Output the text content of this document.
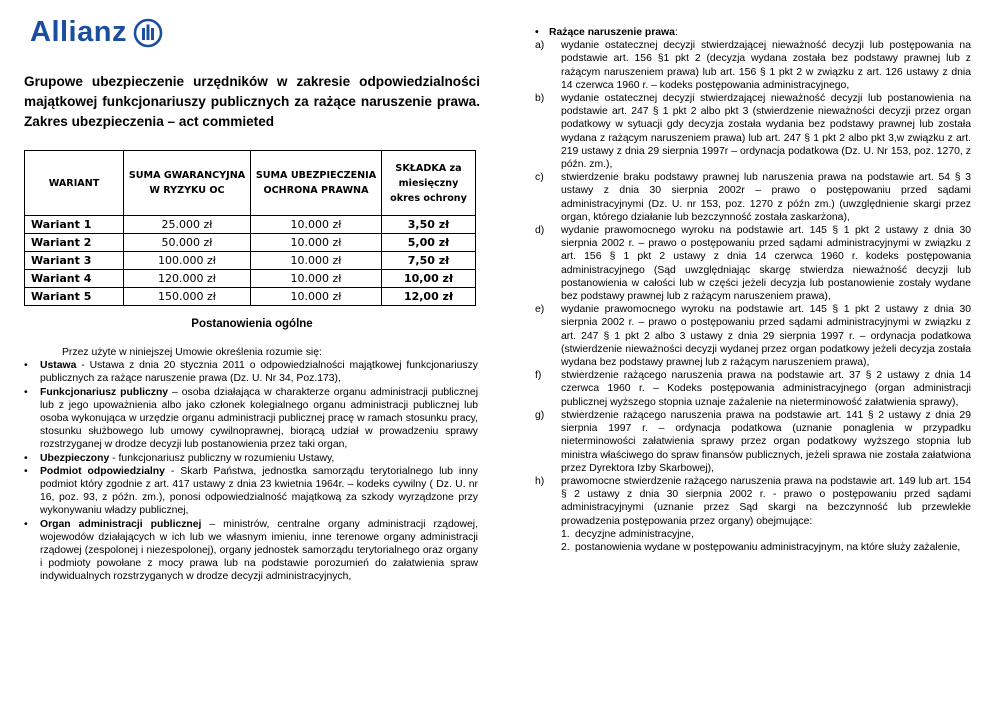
Allianz

Grupowe ubezpieczenie urzędników w zakresie odpowiedzialności majątkowej funkcjonariuszy publicznych za rażące naruszenie prawa. Zakres ubezpieczenia – act commieted

WARIANT	SUMA GWARANCYJNA W RYZYKU OC	SUMA UBEZPIECZENIA OCHRONA PRAWNA	SKŁADKA za miesięczny okres ochrony
Wariant 1	25.000 zł	10.000 zł	3,50 zł
Wariant 2	50.000 zł	10.000 zł	5,00 zł
Wariant 3	100.000 zł	10.000 zł	7,50 zł
Wariant 4	120.000 zł	10.000 zł	10,00 zł
Wariant 5	150.000 zł	10.000 zł	12,00 zł
Postanowienia ogólne

Przez użyte w niniejszej Umowie określenia rozumie się:

• Ustawa - Ustawa z dnia 20 stycznia 2011 o odpowiedzialności majątkowej funkcjonariuszy publicznych za rażące naruszenie prawa (Dz. U. Nr 34, Poz.173),
• Funkcjonariusz publiczny – osoba działająca w charakterze organu administracji publicznej lub z jego upoważnienia albo jako członek kolegialnego organu administracji publicznej lub osoba wykonująca w urzędzie organu administracji publicznej pracę w ramach stosunku pracy, stosunku służbowego lub umowy cywilnoprawnej, biorącą udział w prowadzeniu sprawy rozstrzyganej w drodze decyzji lub postanowienia przez taki organ,
• Ubezpieczony - funkcjonariusz publiczny w rozumieniu Ustawy,
• Podmiot odpowiedzialny - Skarb Państwa, jednostka samorządu terytorialnego lub inny podmiot który zgodnie z art. 417 ustawy z dnia 23 kwietnia 1964r. – kodeks cywilny ( Dz. U. nr 16, poz. 93, z późn. zm.), ponosi odpowiedzialność majątkową za szkody wyrządzone przy wykonywaniu władzy publicznej,
• Organ administracji publicznej – ministrów, centralne organy administracji rządowej, wojewodów działających w ich lub we własnym imieniu, inne terenowe organy administracji rządowej (zespolonej i niezespolonej), organy jednostek samorządu terytorialnego oraz organy i podmioty powołane z mocy prawa lub na podstawie porozumień do załatwienia spraw indywidualnych rozstrzyganych w drodze decyzji administracyjnych,
• Rażące naruszenie prawa:
a) wydanie ostatecznej decyzji stwierdzającej nieważność decyzji lub postępowania na podstawie art. 156 §1 pkt 2 (decyzja wydana została bez podstawy prawnej lub z rażącym naruszeniem prawa) lub art. 156 § 1 pkt 2 w związku z art. 126 ustawy z dnia 14 czerwca 1960 r. – kodeks postępowania administracyjnego,
b) wydanie ostatecznej decyzji stwierdzającej nieważność decyzji lub postanowienia na podstawie art. 247 § 1 pkt 2 albo pkt 3 (stwierdzenie nieważności decyzji przez organ podatkowy w sytuacji gdy decyzja została wydania bez podstawy prawnej lub została wydana z rażącym naruszeniem prawa) lub art. 247 § 1 pkt 2 albo pkt 3,w związku z art. 219 ustawy z dnia 29 sierpnia 1997r – ordynacja podatkowa (Dz. U. Nr 153, poz. 1270, z późn. zm.),
c) stwierdzenie braku podstawy prawnej lub naruszenia prawa na podstawie art. 54 § 3 ustawy z dnia 30 sierpnia 2002r – prawo o postępowaniu przed sądami administracyjnymi (Dz. U. nr 153, poz. 1270 z późn zm.) (uwzględnienie skargi przez organ, którego działanie lub bezczynność została zaskarżona),
d) wydanie prawomocnego wyroku na podstawie art. 145 § 1 pkt 2 ustawy z dnia 30 sierpnia 2002 r. – prawo o postępowaniu przed sądami administracyjnymi w związku z art. 156 § 1 pkt 2 ustawy z dnia 14 czerwca 1960 r. kodeks postępowania administracyjnego (Sąd uwzględniając skargę stwierdza nieważność decyzji lub postanowienia w całości lub w części jeżeli decyzja lub postanowienie zostały wydane bez podstawy prawnej lub z rażącym naruszeniem prawa),
e) wydanie prawomocnego wyroku na podstawie art. 145 § 1 pkt 2 ustawy z dnia 30 sierpnia 2002 r. – prawo o postępowaniu przed sądami administracyjnymi w związku z art. 247 § 1 pkt 2 albo 3 ustawy z dnia 29 sierpnia 1997 r. – ordynacja podatkowa (stwierdzenie nieważności decyzji wydanej przez organ podatkowy jeżeli decyzja została wydana bez podstawy prawnej lub z rażącym naruszeniem prawa),
f) stwierdzenie rażącego naruszenia prawa na podstawie art. 37 § 2 ustawy z dnia 14 czerwca 1960 r. – Kodeks postępowania administracyjnego (organ administracji publicznej wyższego stopnia uznaje zażalenie na nieterminowość załatwienia sprawy),
g) stwierdzenie rażącego naruszenia prawa na podstawie art. 141 § 2 ustawy z dnia 29 sierpnia 1997 r. – ordynacja podatkowa (uznanie ponaglenia w przypadku nieterminowości załatwienia sprawy przez organ podatkowy wyższego stopnia lub ministra właściwego do spraw finansów publicznych, jeżeli sprawa nie została załatwiona przez Dyrektora Izby Skarbowej),
h) prawomocne stwierdzenie rażącego naruszenia prawa na podstawie art. 149 lub art. 154 § 2 ustawy z dnia 30 sierpnia 2002 r. - prawo o postępowaniu przed sądami administracyjnymi (uznanie przez Sąd skargi na bezczynność lub przewlekłe prowadzenia postępowania przez organy) obejmujące:
1. decyzjne administracyjne,
2. postanowienia wydane w postępowaniu administracyjnym, na które służy zażalenie,
